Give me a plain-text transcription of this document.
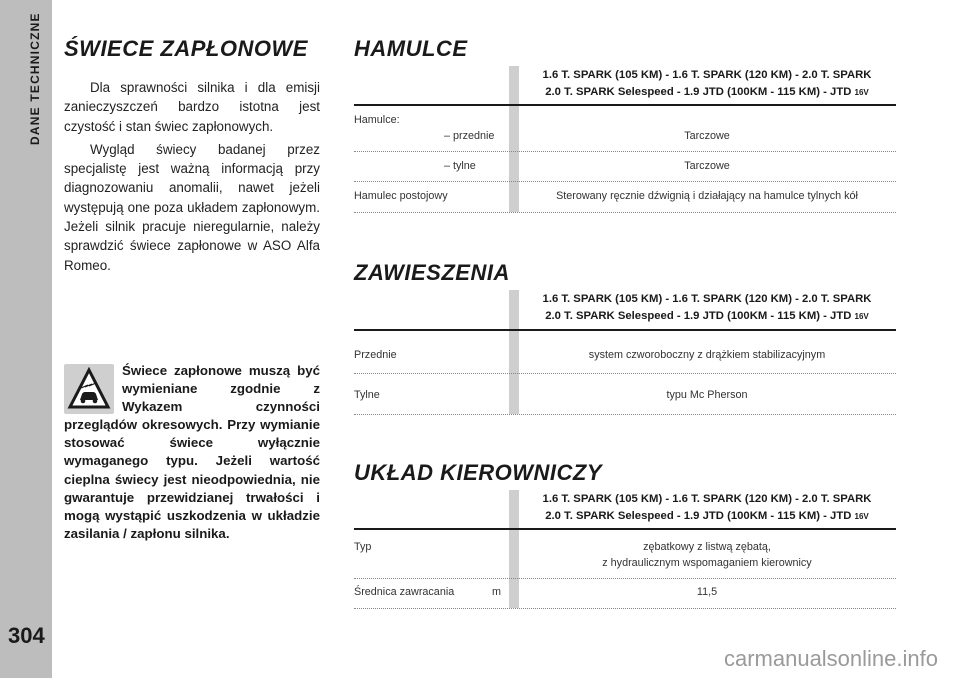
DANE TECHNICZNE
304
ŚWIECE ZAPŁONOWE

Dla sprawności silnika i dla emisji zanieczyszczeń bardzo istotna jest czystość i stan świec zapłonowych.

Wygląd świecy badanej przez specjalistę jest ważną informacją przy diagnozowaniu anomalii, nawet jeżeli występują one poza układem zapłonowym. Jeżeli silnik pracuje nieregularnie, należy sprawdzić świece zapłonowe w ASO Alfa Romeo.

Świece zapłonowe muszą być wymieniane zgodnie z Wykazem czynności przeglądów okresowych. Przy wymianie stosować świece wyłącznie wymaganego typu. Jeżeli wartość cieplna świecy jest nieodpowiednia, nie gwarantuje przewidzianej trwałości i mogą wystąpić uszkodzenia w układzie zasilania / zapłonu silnika.
HAMULCE
1.6 T. SPARK (105 KM) - 1.6 T. SPARK (120 KM) - 2.0 T. SPARK
2.0 T. SPARK Selespeed - 1.9 JTD (100KM - 115 KM) - JTD 16V
Hamulce:
– przednie	Tarczowe
– tylne	Tarczowe
Hamulec postojowy	Sterowany ręcznie dźwignią i działający na hamulce tylnych kół
ZAWIESZENIA
1.6 T. SPARK (105 KM) - 1.6 T. SPARK (120 KM) - 2.0 T. SPARK
2.0 T. SPARK Selespeed - 1.9 JTD (100KM - 115 KM) - JTD 16V
Przednie	system czworoboczny z drążkiem stabilizacyjnym
Tylne	typu Mc Pherson
UKŁAD KIEROWNICZY
1.6 T. SPARK (105 KM) - 1.6 T. SPARK (120 KM) - 2.0 T. SPARK
2.0 T. SPARK Selespeed - 1.9 JTD (100KM - 115 KM) - JTD 16V
Typ	zębatkowy z listwą zębatą,
z hydraulicznym wspomaganiem kierownicy
Średnica zawracania	m	11,5
carmanualsonline.info
